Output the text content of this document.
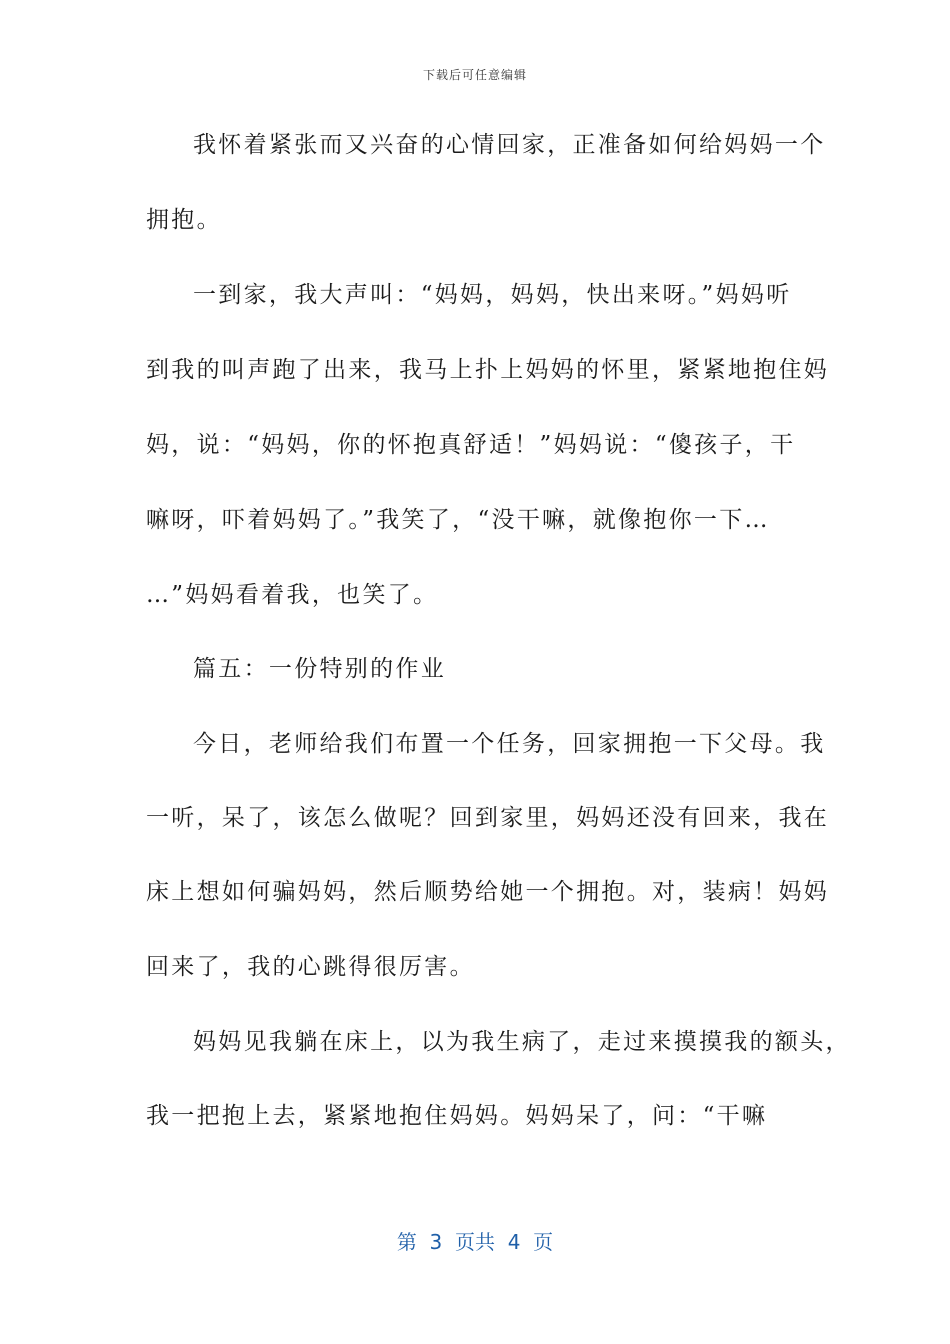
下载后可任意编辑
我怀着紧张而又兴奋的心情回家，正准备如何给妈妈一个
拥抱。
一到家，我大声叫：“妈妈，妈妈，快出来呀。”妈妈听
到我的叫声跑了出来，我马上扑上妈妈的怀里，紧紧地抱住妈
妈，说：“妈妈，你的怀抱真舒适！”妈妈说：“傻孩子，干
嘛呀，吓着妈妈了。”我笑了，“没干嘛，就像抱你一下…
…”妈妈看着我，也笑了。
篇五：一份特别的作业
今日，老师给我们布置一个任务，回家拥抱一下父母。我
一听，呆了，该怎么做呢？回到家里，妈妈还没有回来，我在
床上想如何骗妈妈，然后顺势给她一个拥抱。对，装病！妈妈
回来了，我的心跳得很厉害。
妈妈见我躺在床上，以为我生病了，走过来摸摸我的额头，
我一把抱上去，紧紧地抱住妈妈。妈妈呆了，问：“干嘛
第  3  页共  4  页
